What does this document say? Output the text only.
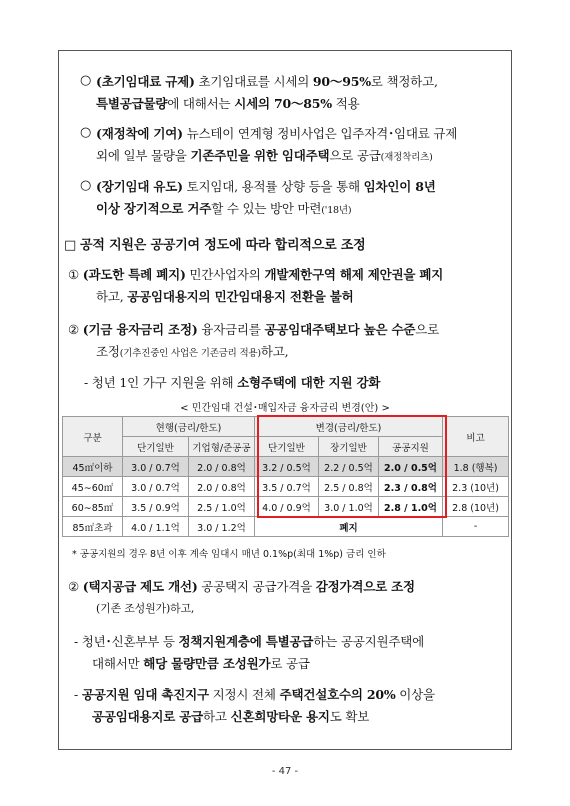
○ (초기임대료 규제) 초기임대료를 시세의 90～95%로 책정하고,
특별공급물량에 대해서는 시세의 70～85% 적용
○ (재정착에 기여) 뉴스테이 연계형 정비사업은 입주자격･임대료 규제
외에 일부 물량을 기존주민을 위한 임대주택으로 공급(재정착리츠)
○ (장기임대 유도) 토지임대, 용적률 상향 등을 통해 임차인이 8년
이상 장기적으로 거주할 수 있는 방안 마련('18년)
□ 공적 지원은 공공기여 정도에 따라 합리적으로 조정
① (과도한 특례 폐지) 민간사업자의 개발제한구역 해제 제안권을 폐지
하고, 공공임대용지의 민간임대용지 전환을 불허
② (기금 융자금리 조정) 융자금리를 공공임대주택보다 높은 수준으로
조정(기추진중인 사업은 기존금리 적용)하고,
- 청년 1인 가구 지원을 위해 소형주택에 대한 지원 강화
< 민간임대 건설･매입자금 융자금리 변경(안) >
구분	현행(금리/한도)		변경(금리/한도)			비고
	단기일반	기업형/준공공	단기일반	장기일반	공공지원	
45㎡이하	3.0 / 0.7억	2.0 / 0.8억	3.2 / 0.5억	2.2 / 0.5억	2.0 / 0.5억	1.8 (행복)
45∼60㎡	3.0 / 0.7억	2.0 / 0.8억	3.5 / 0.7억	2.5 / 0.8억	2.3 / 0.8억	2.3 (10년)
60∼85㎡	3.5 / 0.9억	2.5 / 1.0억	4.0 / 0.9억	3.0 / 1.0억	2.8 / 1.0억	2.8 (10년)
85㎡초과	4.0 / 1.1억	3.0 / 1.2억	폐지			-
* 공공지원의 경우 8년 이후 계속 임대시 매년 0.1%p(최대 1%p) 금리 인하
② (택지공급 제도 개선) 공공택지 공급가격을 감정가격으로 조정
(기존 조성원가)하고,
- 청년･신혼부부 등 정책지원계층에 특별공급하는 공공지원주택에
대해서만 해당 물량만큼 조성원가로 공급
- 공공지원 임대 촉진지구 지정시 전체 주택건설호수의 20% 이상을
공공임대용지로 공급하고 신혼희망타운 용지도 확보
- 47 -
